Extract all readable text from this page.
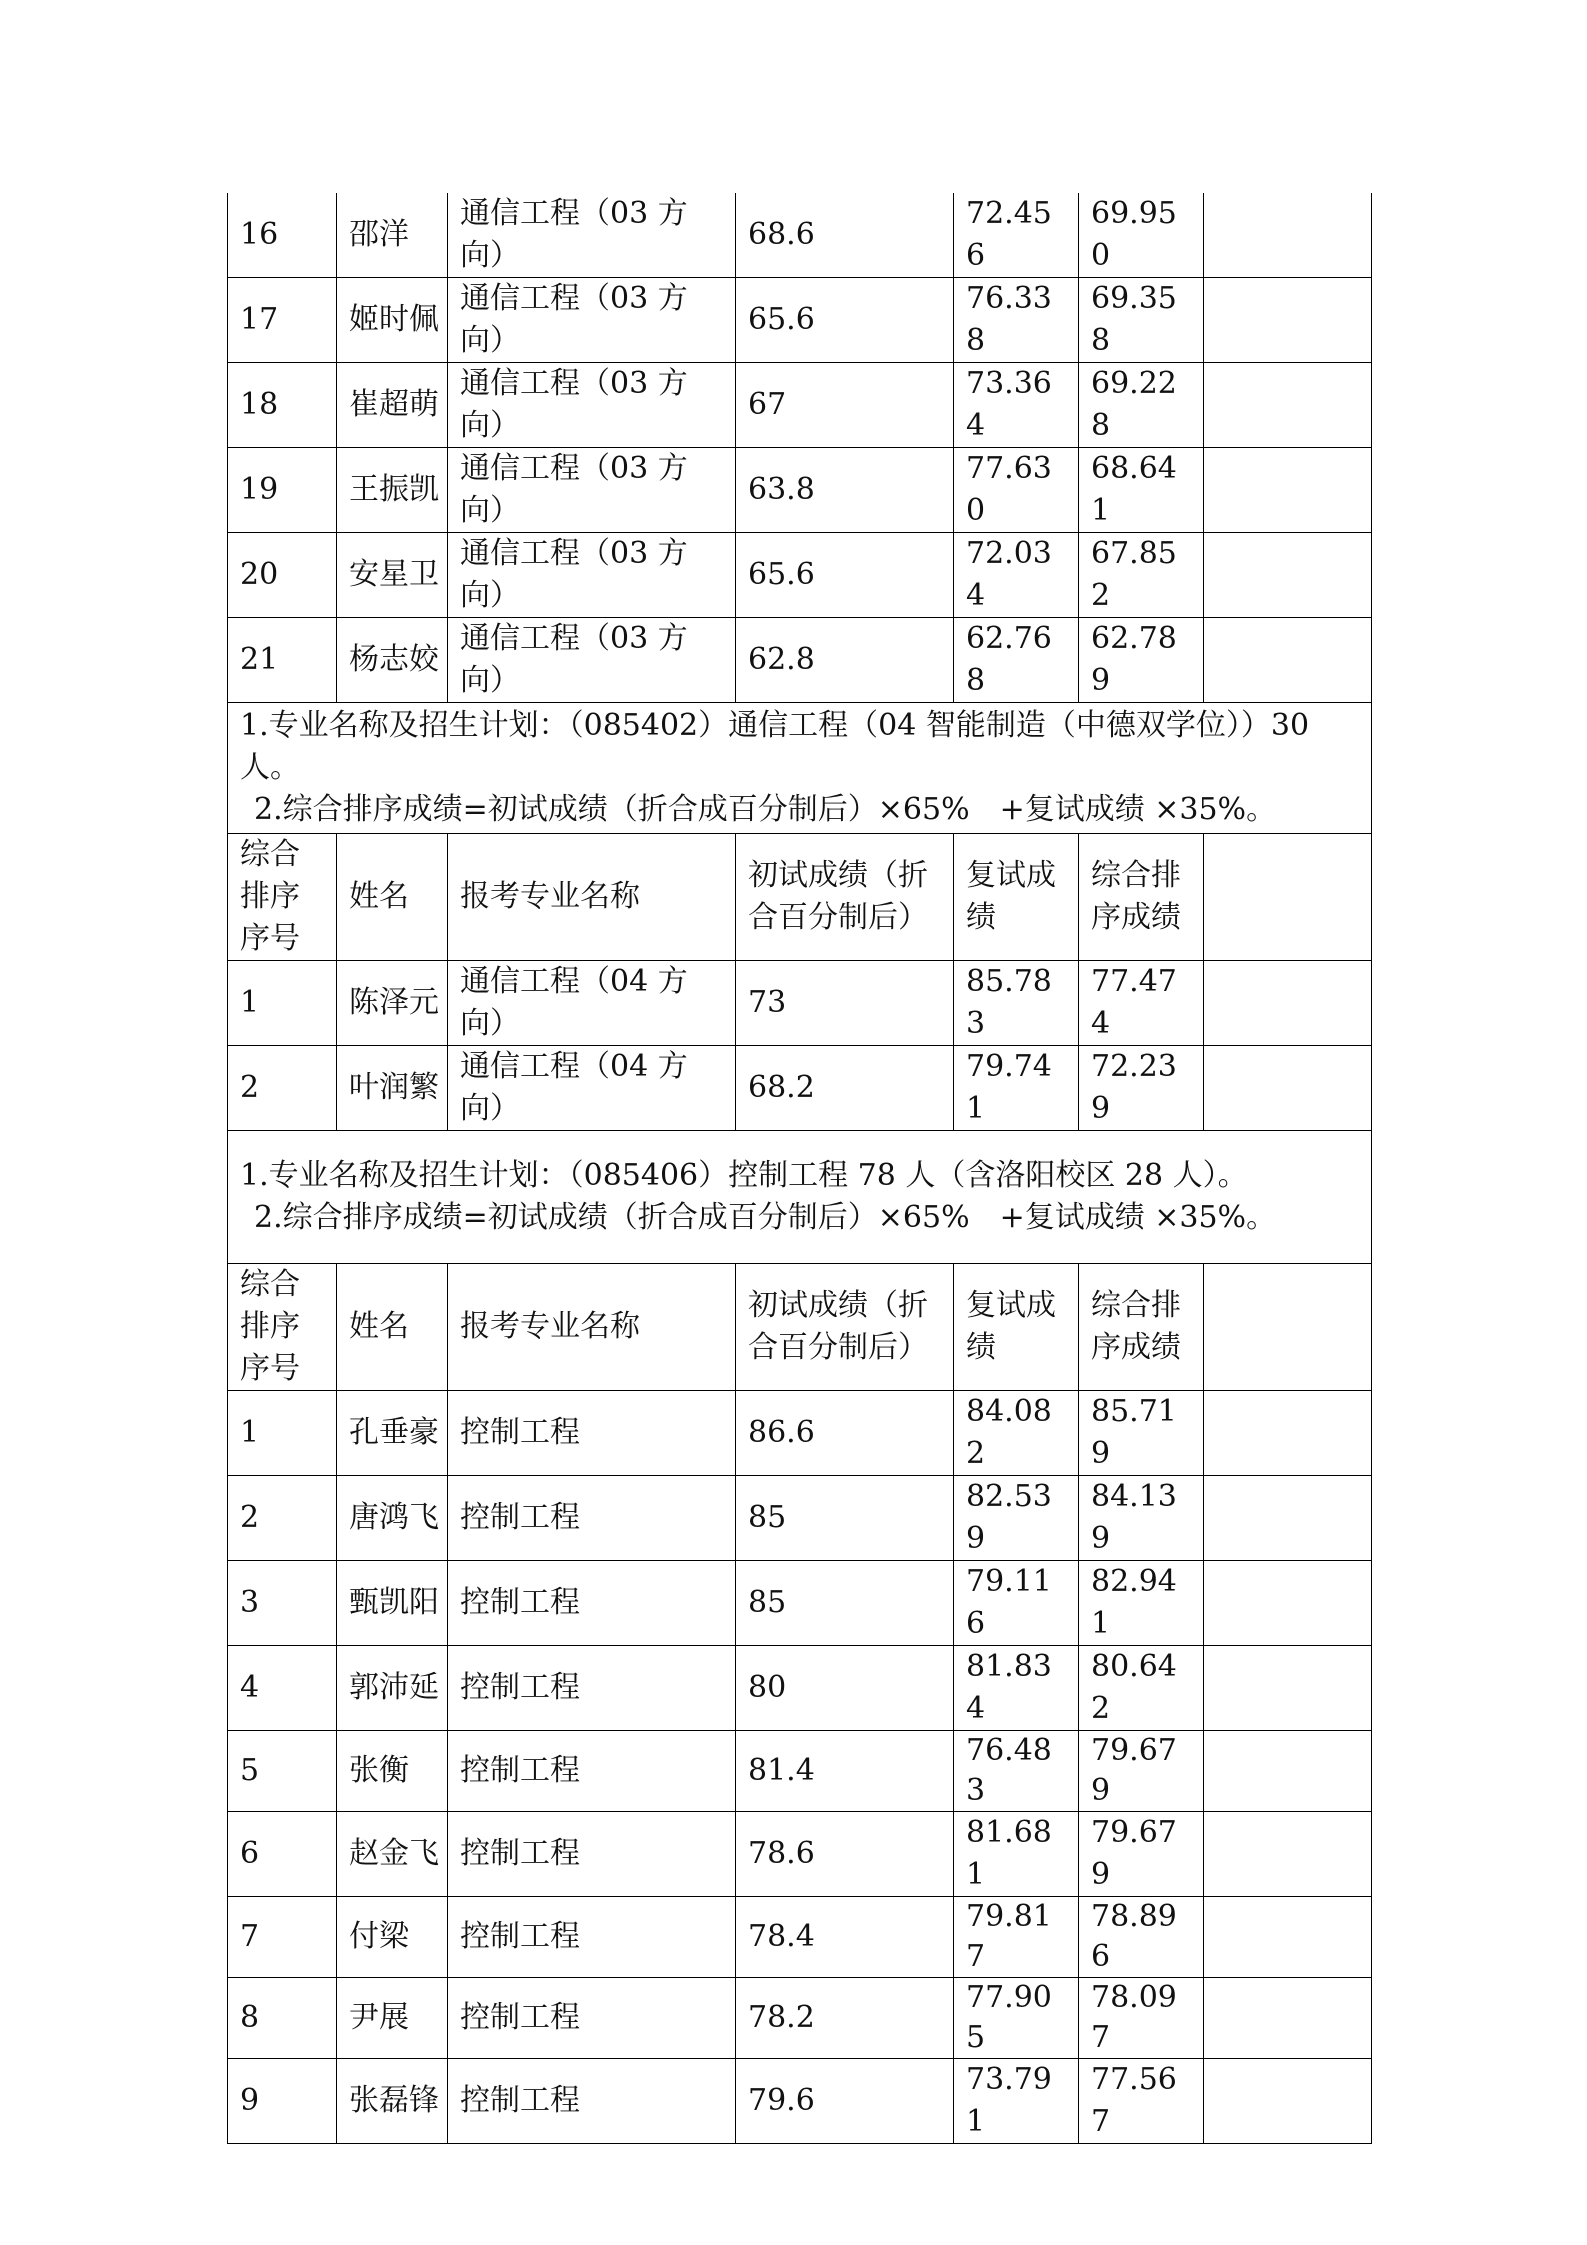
16	邵洋	通信工程（03 方向）	68.6	72.456	69.950	
17	姬时佩	通信工程（03 方向）	65.6	76.338	69.358	
18	崔超萌	通信工程（03 方向）	67	73.364	69.228	
19	王振凯	通信工程（03 方向）	63.8	77.630	68.641	
20	安星卫	通信工程（03 方向）	65.6	72.034	67.852	
21	杨志姣	通信工程（03 方向）	62.8	62.768	62.789	

1.专业名称及招生计划：（085402）通信工程（04 智能制造（中德双学位））30 人。
2.综合排序成绩=初试成绩（折合成百分制后）×65%　+复试成绩 ×35%。						

综合排序序号	姓名	报考专业名称	初试成绩（折合百分制后）	复试成绩	综合排序成绩	
1	陈泽元	通信工程（04 方向）	73	85.783	77.474	
2	叶润繁	通信工程（04 方向）	68.2	79.741	72.239	

1.专业名称及招生计划：（085406）控制工程 78 人（含洛阳校区 28 人）。
2.综合排序成绩=初试成绩（折合成百分制后）×65%　+复试成绩 ×35%。						

综合排序序号	姓名	报考专业名称	初试成绩（折合百分制后）	复试成绩	综合排序成绩	
1	孔垂豪	控制工程	86.6	84.082	85.719	
2	唐鸿飞	控制工程	85	82.539	84.139	
3	甄凯阳	控制工程	85	79.116	82.941	
4	郭沛延	控制工程	80	81.834	80.642	
5	张衡	控制工程	81.4	76.483	79.679	
6	赵金飞	控制工程	78.6	81.681	79.679	
7	付梁	控制工程	78.4	79.817	78.896	
8	尹展	控制工程	78.2	77.905	78.097	
9	张磊锋	控制工程	79.6	73.791	77.567	
